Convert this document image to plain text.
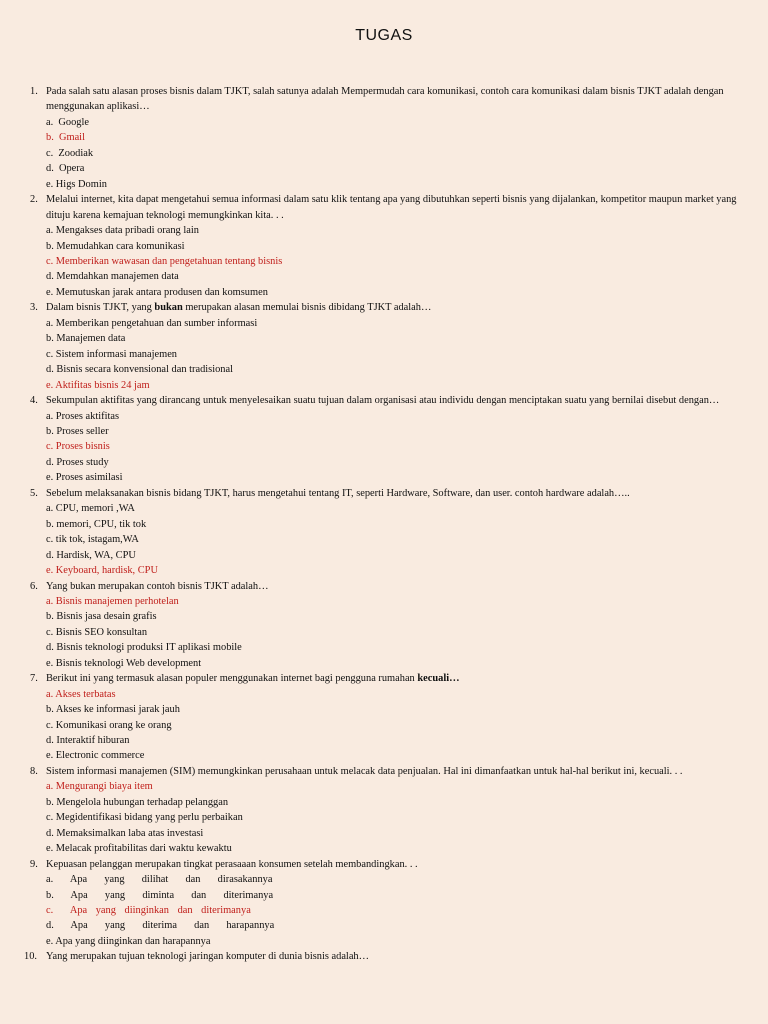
TUGAS
1. Pada salah satu alasan proses bisnis dalam TJKT, salah satunya adalah Mempermudah cara komunikasi, contoh cara komunikasi dalam bisnis TJKT adalah dengan menggunakan aplikasi…
a.  Google
b.  Gmail
c.  Zoodiak
d.  Opera
e. Higs Domin
2. Melalui internet, kita dapat mengetahui semua informasi dalam satu klik tentang apa yang dibutuhkan seperti bisnis yang dijalankan, kompetitor maupun market yang dituju karena kemajuan teknologi memungkinkan kita. . .
a. Mengakses data pribadi orang lain
b. Memudahkan cara komunikasi
c. Memberikan wawasan dan pengetahuan tentang bisnis
d. Memdahkan manajemen data
e. Memutuskan jarak antara produsen dan komsumen
3. Dalam bisnis TJKT, yang bukan merupakan alasan memulai bisnis dibidang TJKT adalah…
a. Memberikan pengetahuan dan sumber informasi
b. Manajemen data
c. Sistem informasi manajemen
d. Bisnis secara konvensional dan tradisional
e. Aktifitas bisnis 24 jam
4. Sekumpulan aktifitas yang dirancang untuk menyelesaikan suatu tujuan dalam organisasi atau individu dengan menciptakan suatu yang bernilai disebut dengan…
a. Proses aktifitas
b. Proses seller
c. Proses bisnis
d. Proses study
e. Proses asimilasi
5. Sebelum melaksanakan bisnis bidang TJKT, harus mengetahui tentang IT, seperti Hardware, Software, dan user. contoh hardware adalah…..
a. CPU, memori ,WA
b. memori, CPU, tik tok
c. tik tok, istagam,WA
d. Hardisk, WA, CPU
e. Keyboard, hardisk, CPU
6. Yang bukan merupakan contoh bisnis TJKT adalah…
a. Bisnis manajemen perhotelan
b. Bisnis jasa desain grafis
c. Bisnis SEO konsultan
d. Bisnis teknologi produksi IT aplikasi mobile
e. Bisnis teknologi Web development
7. Berikut ini yang termasuk alasan populer menggunakan internet bagi pengguna rumahan kecuali…
a. Akses terbatas
b. Akses ke informasi jarak jauh
c. Komunikasi orang ke orang
d. Interaktif hiburan
e. Electronic commerce
8. Sistem informasi manajemen (SIM) memungkinkan perusahaan untuk melacak data penjualan. Hal ini dimanfaatkan untuk hal-hal berikut ini, kecuali. . .
a. Mengurangi biaya item
b. Mengelola hubungan terhadap pelanggan
c. Megidentifikasi bidang yang perlu perbaikan
d. Memaksimalkan laba atas investasi
e. Melacak profitabilitas dari waktu kewaktu
9. Kepuasan pelanggan merupakan tingkat perasaaan konsumen setelah membandingkan. . .
a.  Apa  yang  dilihat  dan  dirasakannya
b.  Apa  yang  diminta  dan  diterimanya
c.  Apa yang diinginkan dan diterimanya
d.  Apa  yang  diterima  dan  harapannya
e. Apa yang diinginkan dan harapannya
10. Yang merupakan tujuan teknologi jaringan komputer di dunia bisnis adalah…
